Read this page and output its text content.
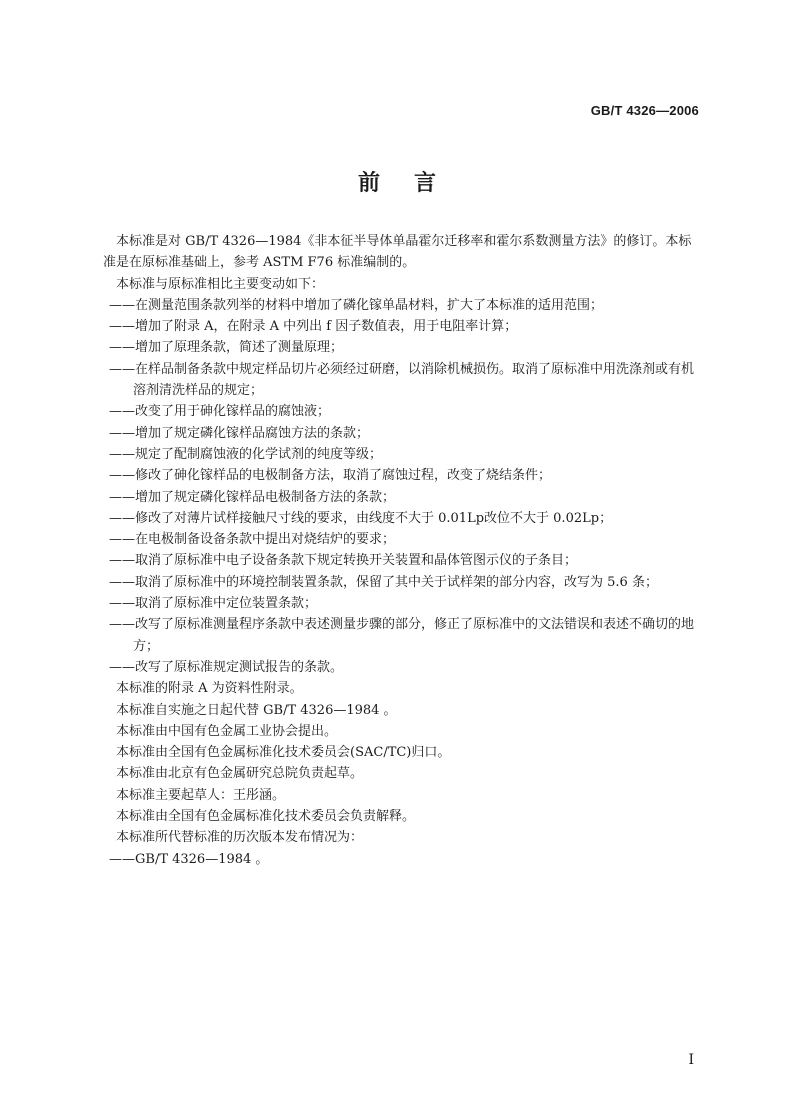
GB/T 4326—2006
前言

本标准是对 GB/T 4326—1984《非本征半导体单晶霍尔迁移率和霍尔系数测量方法》的修订。本标准是在原标准基础上，参考 ASTM F76 标准编制的。

本标准与原标准相比主要变动如下：

——在测量范围条款列举的材料中增加了磷化镓单晶材料，扩大了本标准的适用范围；

——增加了附录 A，在附录 A 中列出 f 因子数值表，用于电阻率计算；

——增加了原理条款，简述了测量原理；

——在样品制备条款中规定样品切片必须经过研磨，以消除机械损伤。取消了原标准中用洗涤剂或有机溶剂清洗样品的规定；

——改变了用于砷化镓样品的腐蚀液；

——增加了规定磷化镓样品腐蚀方法的条款；

——规定了配制腐蚀液的化学试剂的纯度等级；

——修改了砷化镓样品的电极制备方法，取消了腐蚀过程，改变了烧结条件；

——增加了规定磷化镓样品电极制备方法的条款；

——修改了对薄片试样接触尺寸线的要求，由线度不大于 0.01Lp改位不大于 0.02Lp；

——在电极制备设备条款中提出对烧结炉的要求；

——取消了原标准中电子设备条款下规定转换开关装置和晶体管图示仪的子条目；

——取消了原标准中的环境控制装置条款，保留了其中关于试样架的部分内容，改写为 5.6 条；

——取消了原标准中定位装置条款；

——改写了原标准测量程序条款中表述测量步骤的部分，修正了原标准中的文法错误和表述不确切的地方；

——改写了原标准规定测试报告的条款。

本标准的附录 A 为资料性附录。

本标准自实施之日起代替 GB/T 4326—1984 。

本标准由中国有色金属工业协会提出。

本标准由全国有色金属标准化技术委员会(SAC/TC)归口。

本标准由北京有色金属研究总院负责起草。

本标准主要起草人：王彤涵。

本标准由全国有色金属标准化技术委员会负责解释。

本标准所代替标准的历次版本发布情况为：

——GB/T 4326—1984 。

I
